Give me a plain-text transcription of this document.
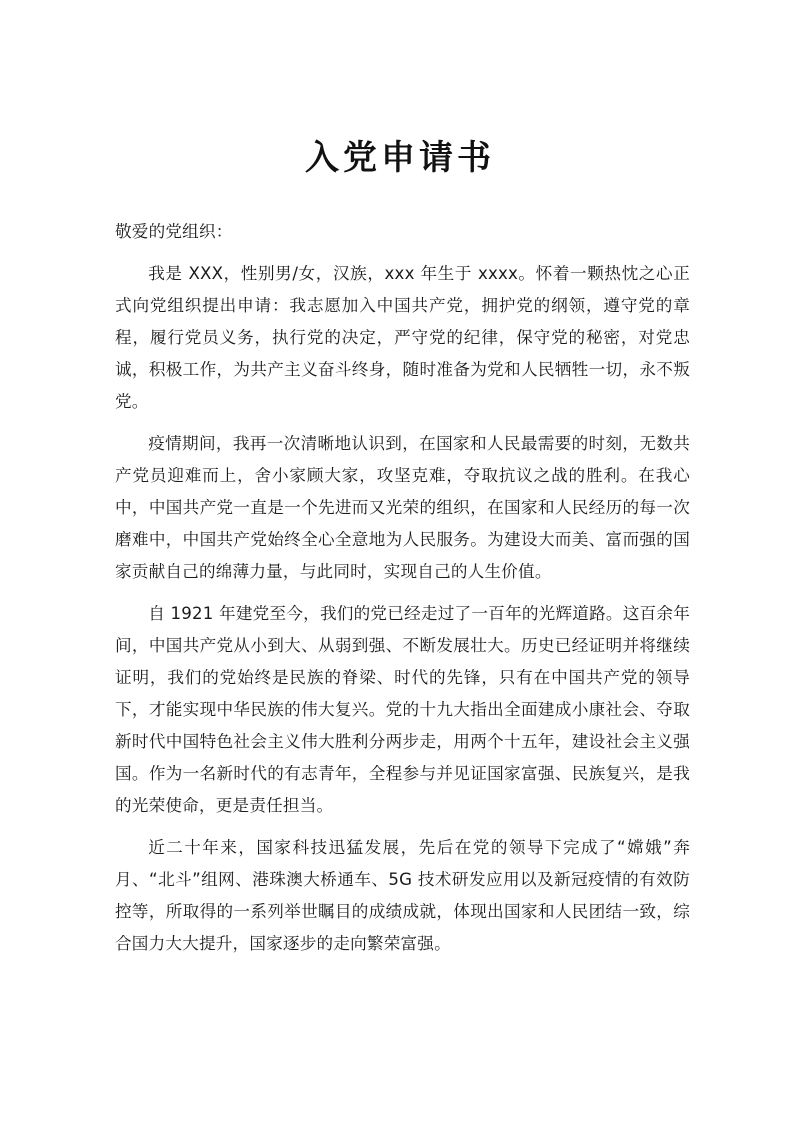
入党申请书

敬爱的党组织：

我是 XXX，性别男/女，汉族，xxx 年生于 xxxx。怀着一颗热忱之心正式向党组织提出申请：我志愿加入中国共产党，拥护党的纲领，遵守党的章程，履行党员义务，执行党的决定，严守党的纪律，保守党的秘密，对党忠诚，积极工作，为共产主义奋斗终身，随时准备为党和人民牺牲一切，永不叛党。

疫情期间，我再一次清晰地认识到，在国家和人民最需要的时刻，无数共产党员迎难而上，舍小家顾大家，攻坚克难，夺取抗议之战的胜利。在我心中，中国共产党一直是一个先进而又光荣的组织，在国家和人民经历的每一次磨难中，中国共产党始终全心全意地为人民服务。为建设大而美、富而强的国家贡献自己的绵薄力量，与此同时，实现自己的人生价值。

自 1921 年建党至今，我们的党已经走过了一百年的光辉道路。这百余年间，中国共产党从小到大、从弱到强、不断发展壮大。历史已经证明并将继续证明，我们的党始终是民族的脊梁、时代的先锋，只有在中国共产党的领导下，才能实现中华民族的伟大复兴。党的十九大指出全面建成小康社会、夺取新时代中国特色社会主义伟大胜利分两步走，用两个十五年，建设社会主义强国。作为一名新时代的有志青年，全程参与并见证国家富强、民族复兴，是我的光荣使命，更是责任担当。

近二十年来，国家科技迅猛发展，先后在党的领导下完成了“嫦娥”奔月、“北斗”组网、港珠澳大桥通车、5G 技术研发应用以及新冠疫情的有效防控等，所取得的一系列举世瞩目的成绩成就，体现出国家和人民团结一致，综合国力大大提升，国家逐步的走向繁荣富强。
